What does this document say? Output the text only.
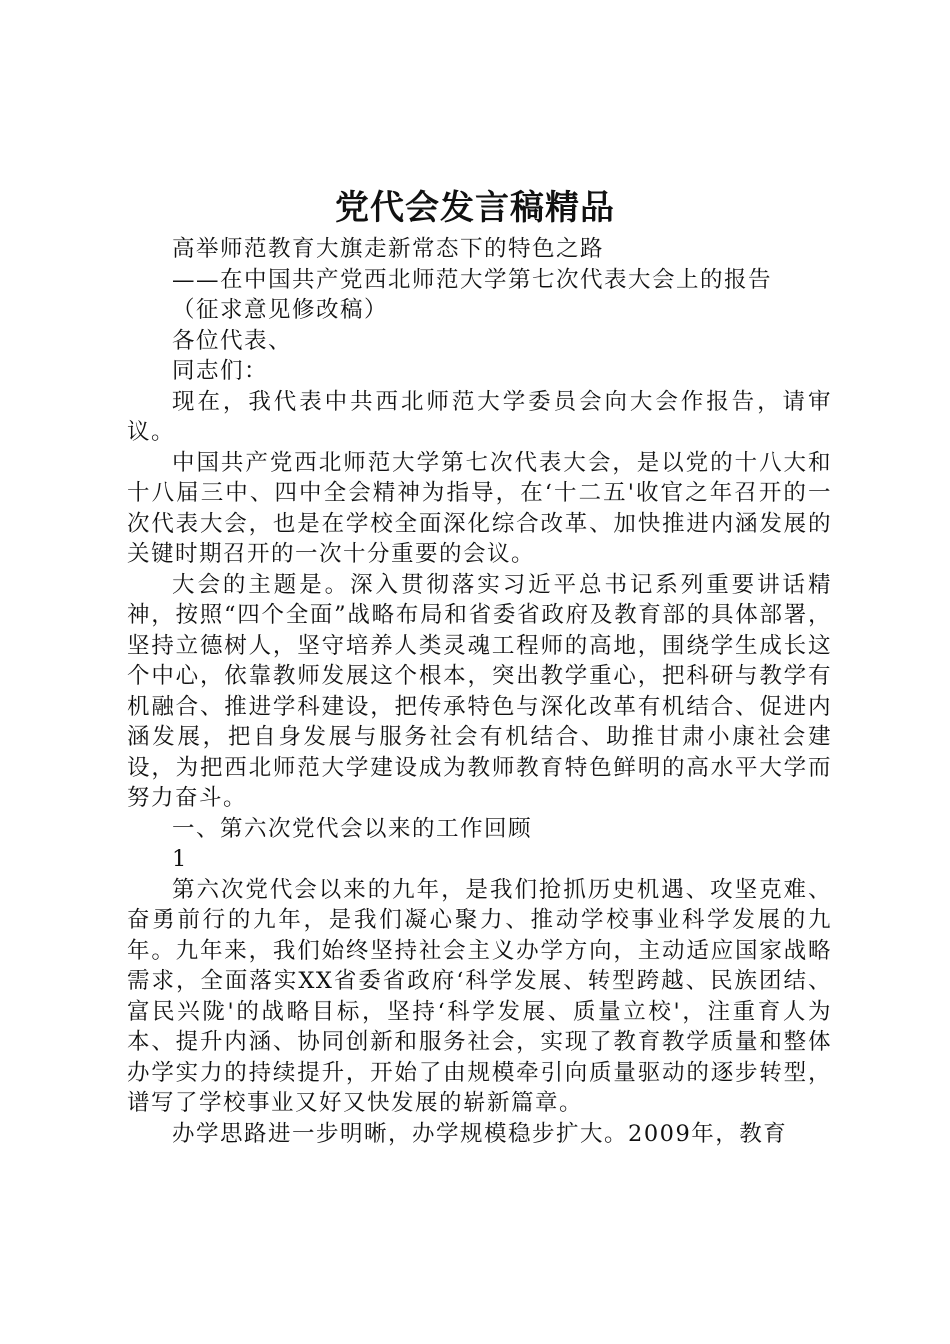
党代会发言稿精品

高举师范教育大旗走新常态下的特色之路

——在中国共产党西北师范大学第七次代表大会上的报告

（征求意见修改稿）

各位代表、

同志们：

现在，我代表中共西北师范大学委员会向大会作报告，请审议。

中国共产党西北师范大学第七次代表大会，是以党的十八大和十八届三中、四中全会精神为指导，在‘十二五'收官之年召开的一次代表大会，也是在学校全面深化综合改革、加快推进内涵发展的关键时期召开的一次十分重要的会议。

大会的主题是。深入贯彻落实习近平总书记系列重要讲话精神，按照“四个全面”战略布局和省委省政府及教育部的具体部署，坚持立德树人，坚守培养人类灵魂工程师的高地，围绕学生成长这个中心，依靠教师发展这个根本，突出教学重心，把科研与教学有机融合、推进学科建设，把传承特色与深化改革有机结合、促进内涵发展，把自身发展与服务社会有机结合、助推甘肃小康社会建设，为把西北师范大学建设成为教师教育特色鲜明的高水平大学而努力奋斗。

一、第六次党代会以来的工作回顾

1

第六次党代会以来的九年，是我们抢抓历史机遇、攻坚克难、奋勇前行的九年，是我们凝心聚力、推动学校事业科学发展的九年。九年来，我们始终坚持社会主义办学方向，主动适应国家战略需求，全面落实XX省委省政府‘科学发展、转型跨越、民族团结、富民兴陇'的战略目标，坚持‘科学发展、质量立校'，注重育人为本、提升内涵、协同创新和服务社会，实现了教育教学质量和整体办学实力的持续提升，开始了由规模牵引向质量驱动的逐步转型，谱写了学校事业又好又快发展的崭新篇章。

办学思路进一步明晰，办学规模稳步扩大。2009年，教育
